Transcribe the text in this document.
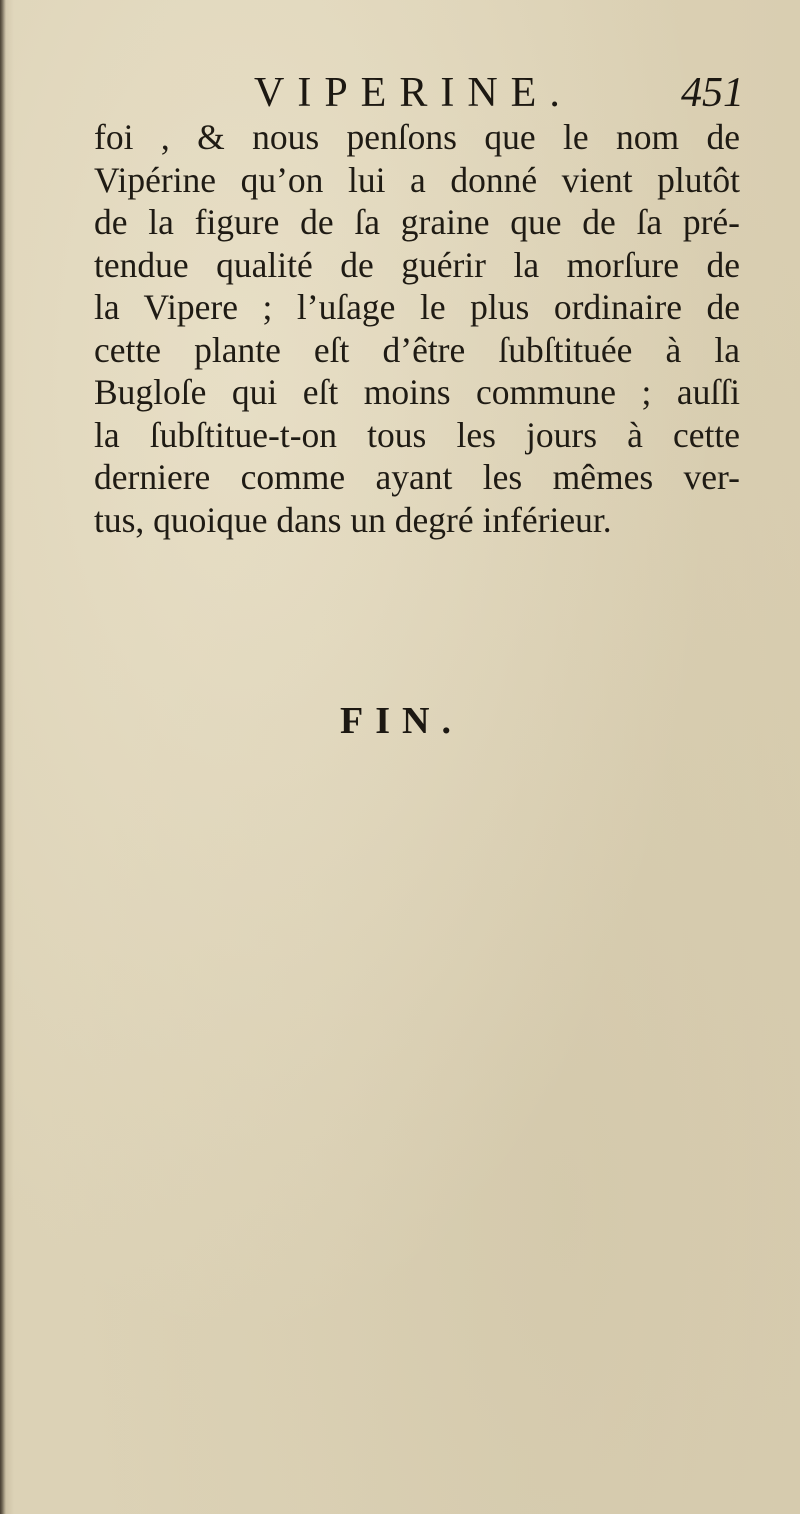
VIPERINE.	451
foi , & nous penſons que le nom de
Vipérine qu’on lui a donné vient plutôt
de la figure de ſa graine que de ſa pré-
tendue qualité de guérir la morſure de
la Vipere ; l’uſage le plus ordinaire de
cette plante eſt d’être ſubſtituée à la
Bugloſe qui eſt moins commune ; auſſi
la ſubſtitue-t-on tous les jours à cette
derniere comme ayant les mêmes ver-
tus, quoique dans un degré inférieur.
FIN.
